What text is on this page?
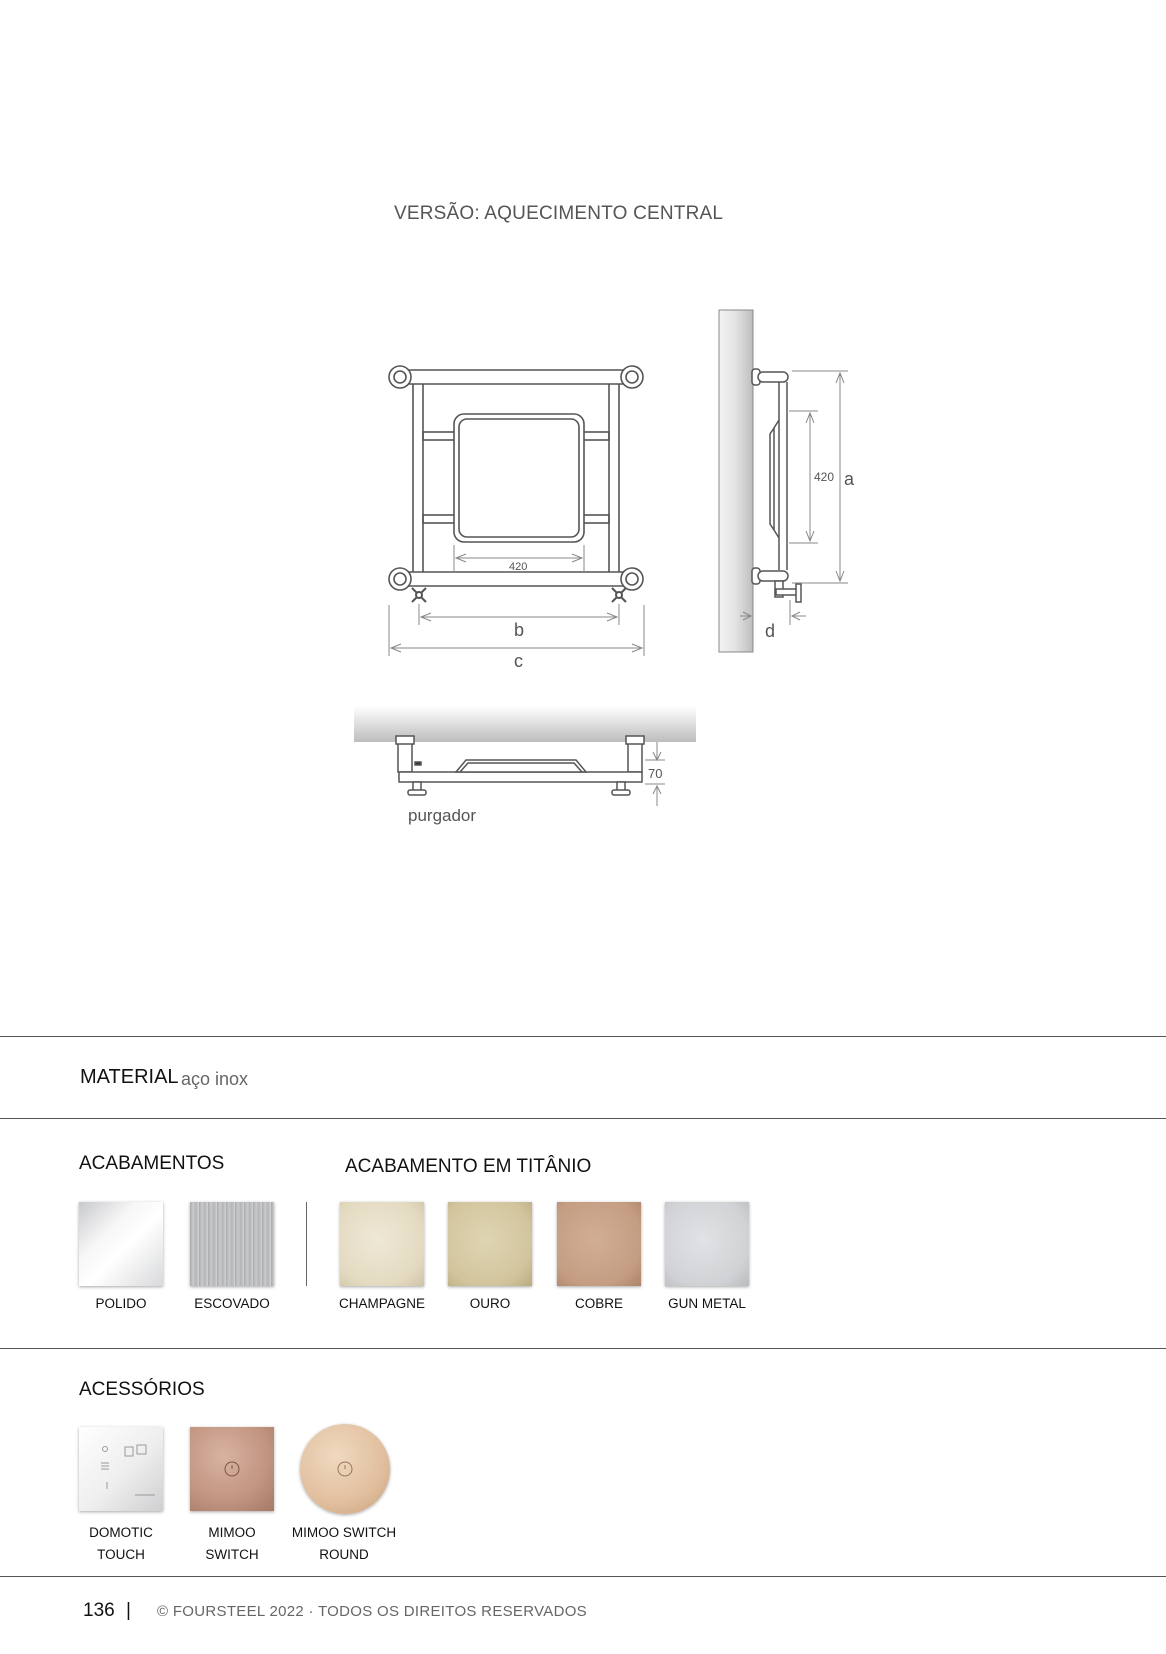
VERSÃO: AQUECIMENTO CENTRAL
420
b
c
420 a
d
70
purgador
MATERIAL aço inox
ACABAMENTOS	ACABAMENTO EM TITÂNIO
POLIDO	ESCOVADO	CHAMPAGNE	OURO	COBRE	GUN METAL
ACESSÓRIOS
DOMOTIC
TOUCH
MIMOO
SWITCH
MIMOO SWITCH
ROUND
136 | © FOURSTEEL 2022 · TODOS OS DIREITOS RESERVADOS
